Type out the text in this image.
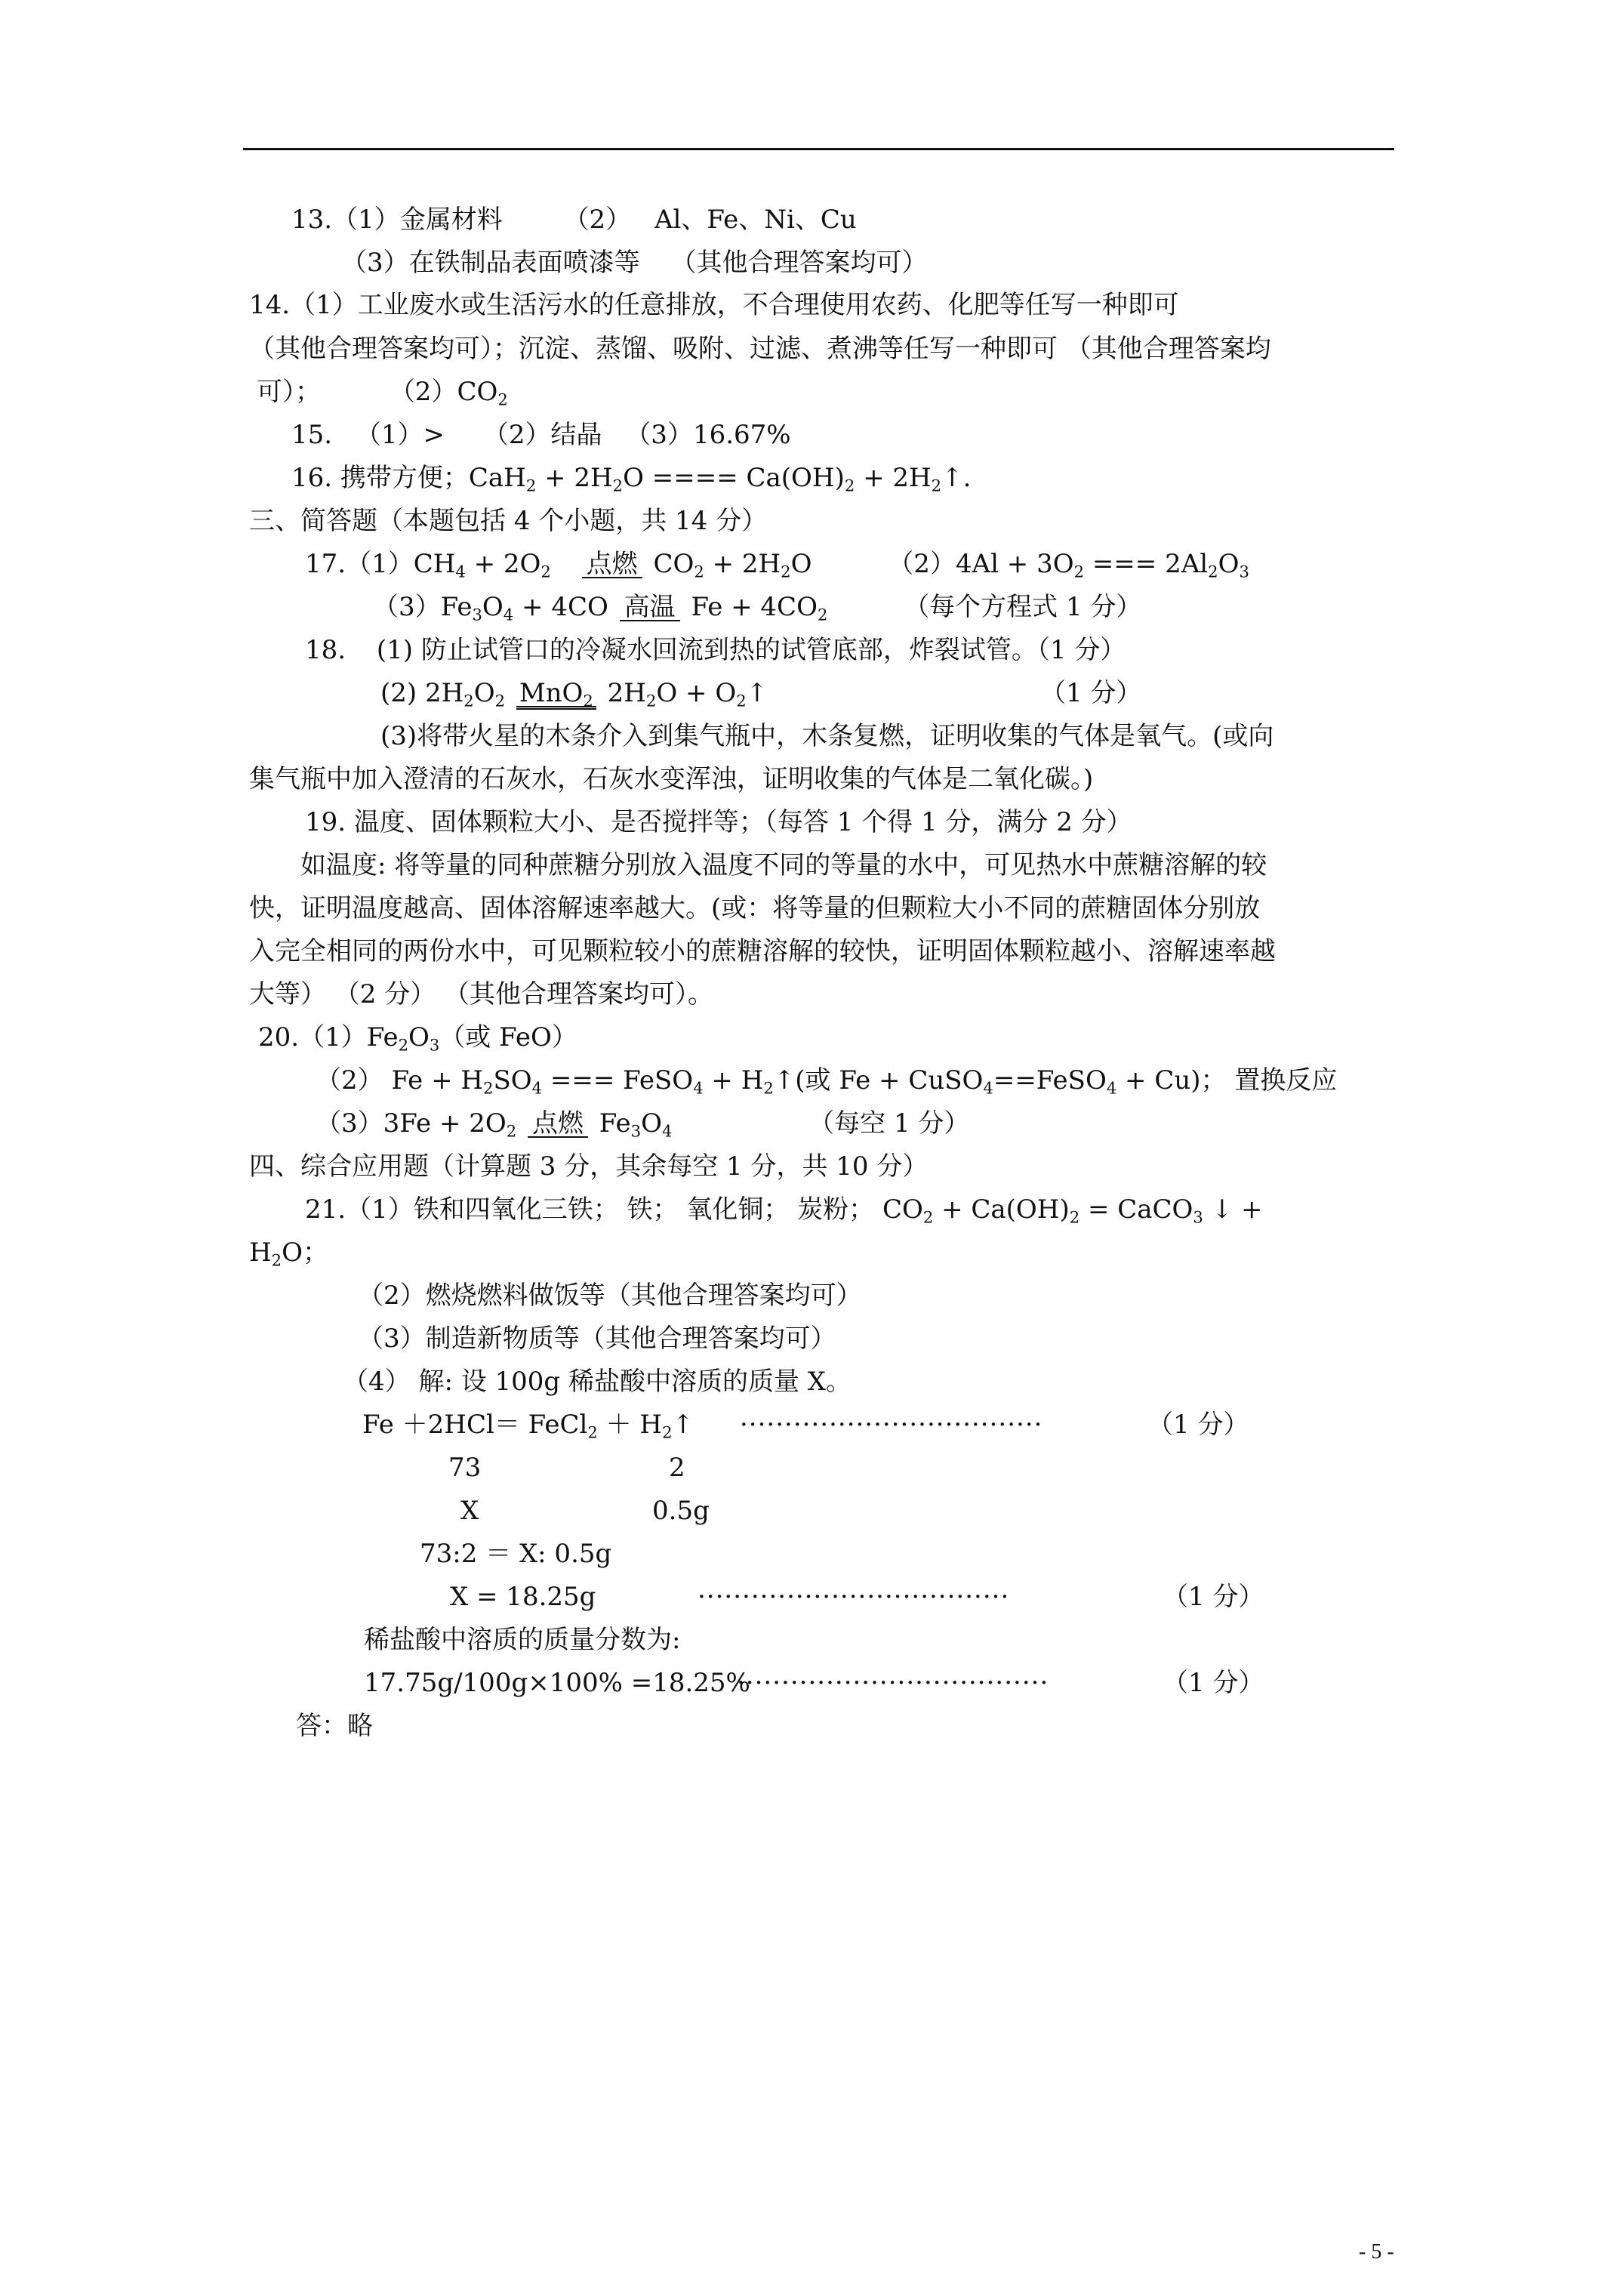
13.（1）金属材料 （2） Al、Fe、Ni、Cu
（3）在铁制品表面喷漆等 （其他合理答案均可）
14.（1）工业废水或生活污水的任意排放，不合理使用农药、化肥等任写一种即可
（其他合理答案均可）；沉淀、蒸馏、吸附、过滤、煮沸等任写一种即可 （其他合理答案均
可）；	$(2)CO_2$
15. （1）> （2）结晶 （3）16.67%
16. 携带方便；$CaH_2 + 2H_2O$ ==== $Ca(OH)_2$ + $2H_2↑$.
三、简答题（本题包括 4 个小题，共 14 分）
$17.(1)CH_4 + 2O_2$ 点燃 $CO_2 + 2H_2O$	$(2)4Al + 3O_2$ === $2Al_2O_3$
$(3)Fe_3O_4 + 4CO$ 高温 $Fe + 4CO_2$	（每个方程式 1 分）
18. (1) 防止试管口的冷凝水回流到热的试管底部，炸裂试管。（1 分）
(2) $2H_2O_2$ MnO$_2$ $2H_2O$ + $O_2↑$	（1 分）
(3)将带火星的木条介入到集气瓶中，木条复燃，证明收集的气体是氧气。(或向
集气瓶中加入澄清的石灰水，石灰水变浑浊，证明收集的气体是二氧化碳。)
19. 温度、固体颗粒大小、是否搅拌等；（每答 1 个得 1 分，满分 2 分）
如温度: 将等量的同种蔗糖分别放入温度不同的等量的水中，可见热水中蔗糖溶解的较
快，证明温度越高、固体溶解速率越大。(或：将等量的但颗粒大小不同的蔗糖固体分别放
入完全相同的两份水中，可见颗粒较小的蔗糖溶解的较快，证明固体颗粒越小、溶解速率越
大等） （2 分） （其他合理答案均可）。
$20.(1)Fe_2O_3$（或 FeO）
（2） $Fe + H_2SO_4$ === FeSO$_4$ + $H_2↑$(或 Fe + CuSO$_4$==FeSO$_4$ + Cu)； 置换反应
$(3)3Fe + 2O_2$ 点燃 $Fe_3O_4$	（每空 1 分）
四、综合应用题（计算题 3 分，其余每空 1 分，共 10 分）
21.（1）铁和四氧化三铁； 铁； 氧化铜； 炭粉； $CO_2 + Ca(OH)_2$ = CaCO$_3$ ↓ +
$H_2O$；
（2）燃烧燃料做饭等（其他合理答案均可）
（3）制造新物质等（其他合理答案均可）
（4） 解: 设 100g 稀盐酸中溶质的质量 X。
Fe ＋2HCl＝ FeCl$_2$ ＋ $H_2↑$ ··································	（1 分）
73	2
X	0.5g
73:2 ＝ X: 0.5g
X = 18.25g	···································	（1 分）
稀盐酸中溶质的质量分数为:
17.75g/100g×100% =18.25%
···································	（1 分）
答：略
- 5 -
